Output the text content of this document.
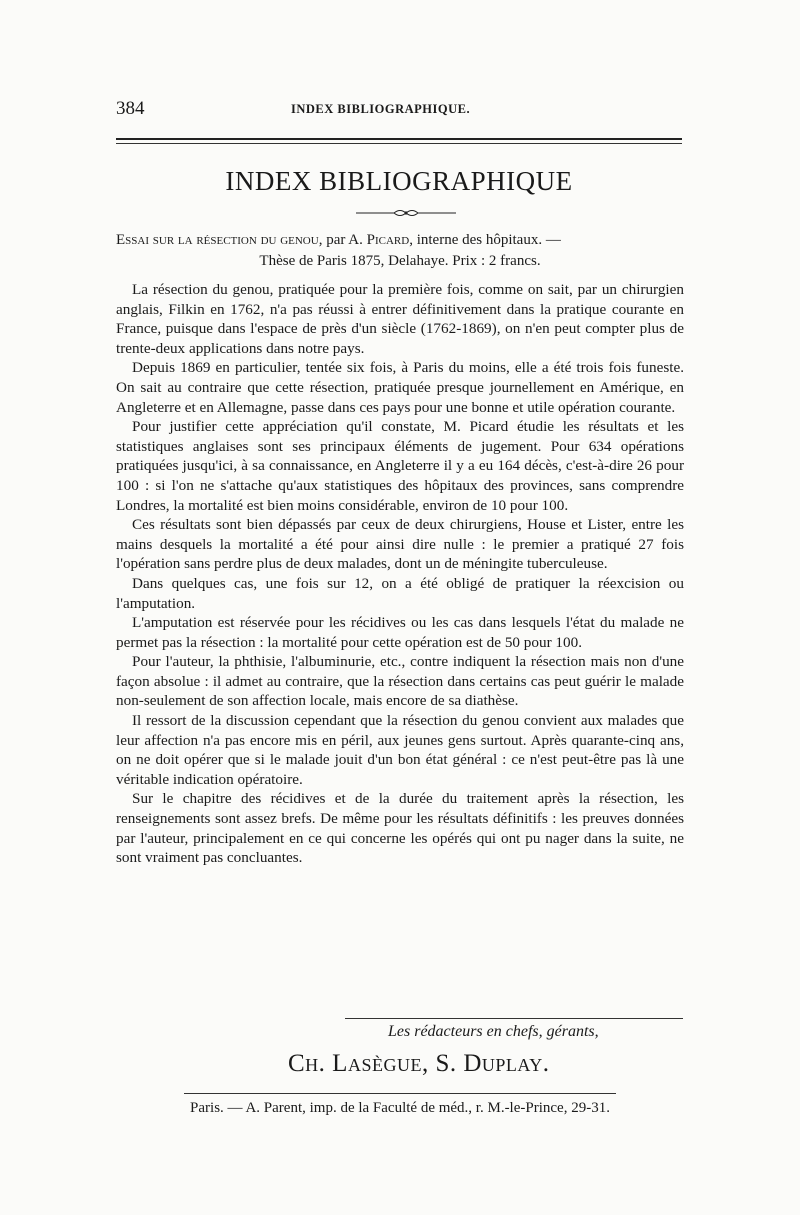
384	INDEX BIBLIOGRAPHIQUE.
INDEX BIBLIOGRAPHIQUE
Essai sur la résection du genou, par A. Picard, interne des hôpitaux. —
Thèse de Paris 1875, Delahaye. Prix : 2 francs.

La résection du genou, pratiquée pour la première fois, comme on sait, par un chirurgien anglais, Filkin en 1762, n'a pas réussi à entrer définitivement dans la pratique courante en France, puisque dans l'espace de près d'un siècle (1762-1869), on n'en peut compter plus de trente-deux applications dans notre pays.

Depuis 1869 en particulier, tentée six fois, à Paris du moins, elle a été trois fois funeste. On sait au contraire que cette résection, pratiquée presque journellement en Amérique, en Angleterre et en Allemagne, passe dans ces pays pour une bonne et utile opération courante.

Pour justifier cette appréciation qu'il constate, M. Picard étudie les résultats et les statistiques anglaises sont ses principaux éléments de jugement. Pour 634 opérations pratiquées jusqu'ici, à sa connaissance, en Angleterre il y a eu 164 décès, c'est-à-dire 26 pour 100 : si l'on ne s'attache qu'aux statistiques des hôpitaux des provinces, sans comprendre Londres, la mortalité est bien moins considérable, environ de 10 pour 100.

Ces résultats sont bien dépassés par ceux de deux chirurgiens, House et Lister, entre les mains desquels la mortalité a été pour ainsi dire nulle : le premier a pratiqué 27 fois l'opération sans perdre plus de deux malades, dont un de méningite tuberculeuse.

Dans quelques cas, une fois sur 12, on a été obligé de pratiquer la réexcision ou l'amputation.

L'amputation est réservée pour les récidives ou les cas dans lesquels l'état du malade ne permet pas la résection : la mortalité pour cette opération est de 50 pour 100.

Pour l'auteur, la phthisie, l'albuminurie, etc., contre indiquent la résection mais non d'une façon absolue : il admet au contraire, que la résection dans certains cas peut guérir le malade non-seulement de son affection locale, mais encore de sa diathèse.

Il ressort de la discussion cependant que la résection du genou convient aux malades que leur affection n'a pas encore mis en péril, aux jeunes gens surtout. Après quarante-cinq ans, on ne doit opérer que si le malade jouit d'un bon état général : ce n'est peut-être pas là une véritable indication opératoire.

Sur le chapitre des récidives et de la durée du traitement après la résection, les renseignements sont assez brefs. De même pour les résultats définitifs : les preuves données par l'auteur, principalement en ce qui concerne les opérés qui ont pu nager dans la suite, ne sont vraiment pas concluantes.

Les rédacteurs en chefs, gérants,
Ch. Lasègue, S. Duplay.
Paris. — A. Parent, imp. de la Faculté de méd., r. M.-le-Prince, 29-31.
